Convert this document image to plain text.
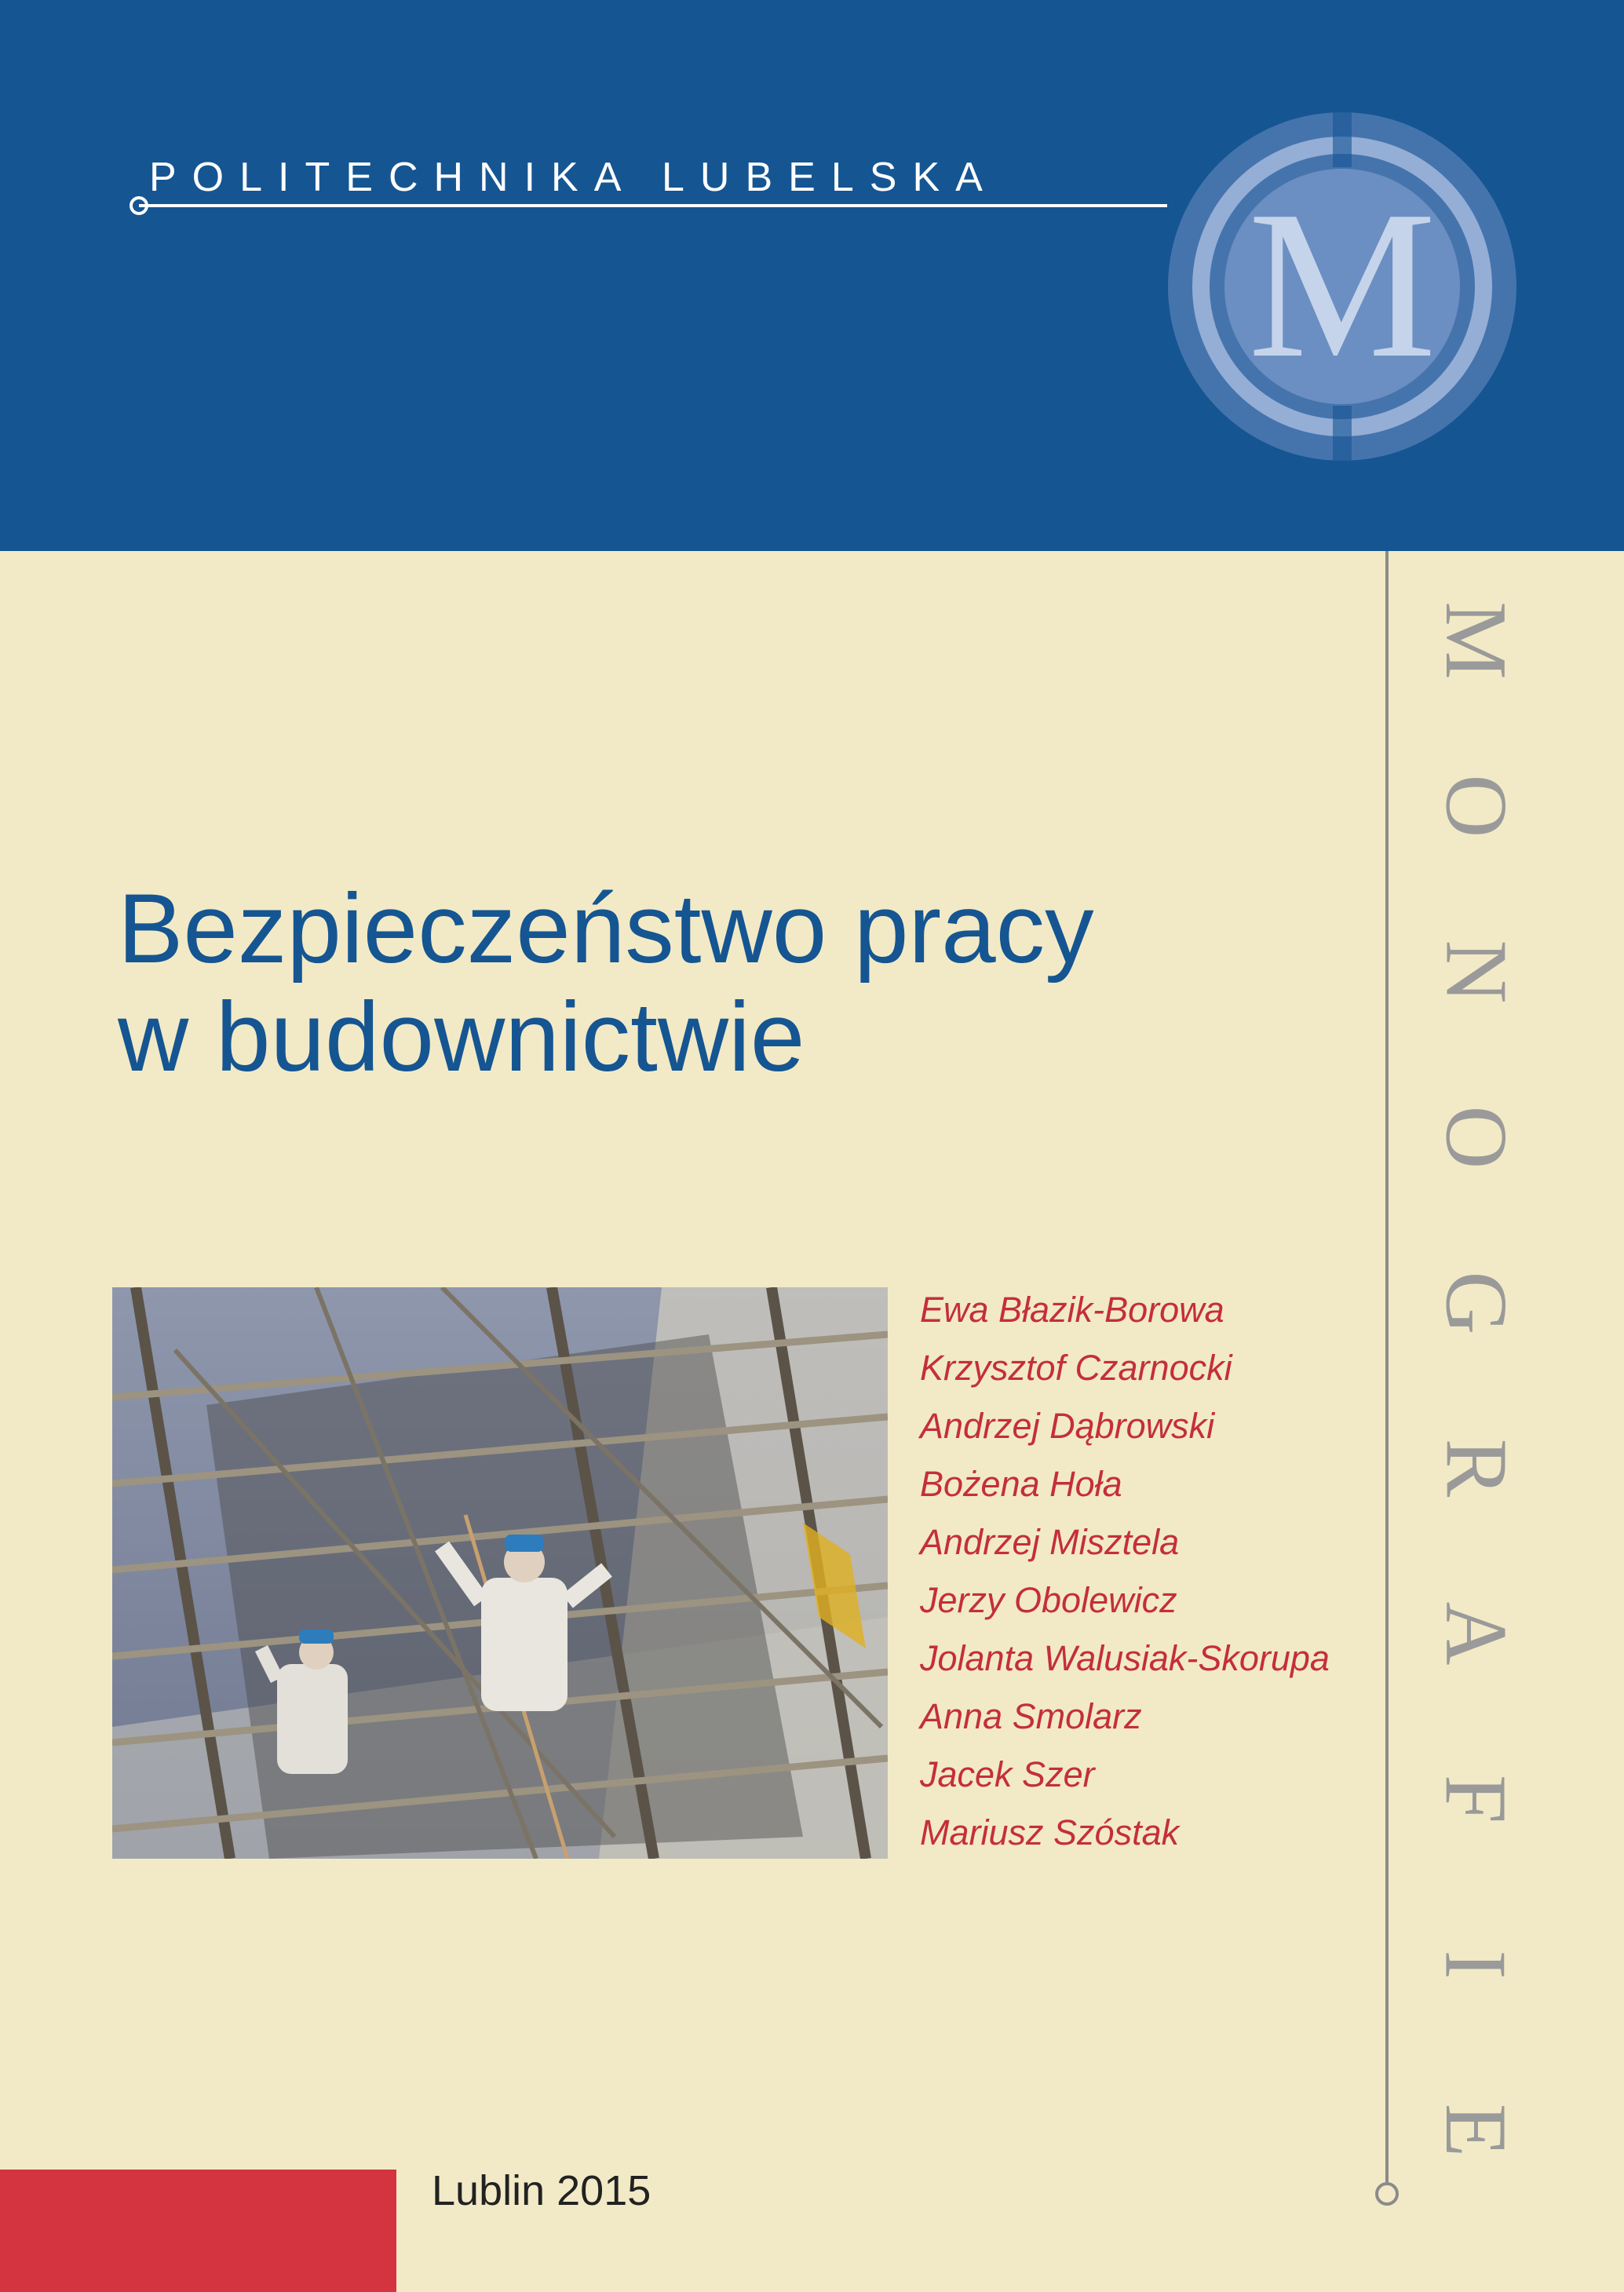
POLITECHNIKA LUBELSKA M
M
O
N
O
G
R
A
F
I
E
Bezpieczeństwo pracy
w budownictwie
Ewa Błazik-Borowa
Krzysztof Czarnocki
Andrzej Dąbrowski
Bożena Hoła
Andrzej Misztela
Jerzy Obolewicz
Jolanta Walusiak-Skorupa
Anna Smolarz
Jacek Szer
Mariusz Szóstak
Lublin 2015
